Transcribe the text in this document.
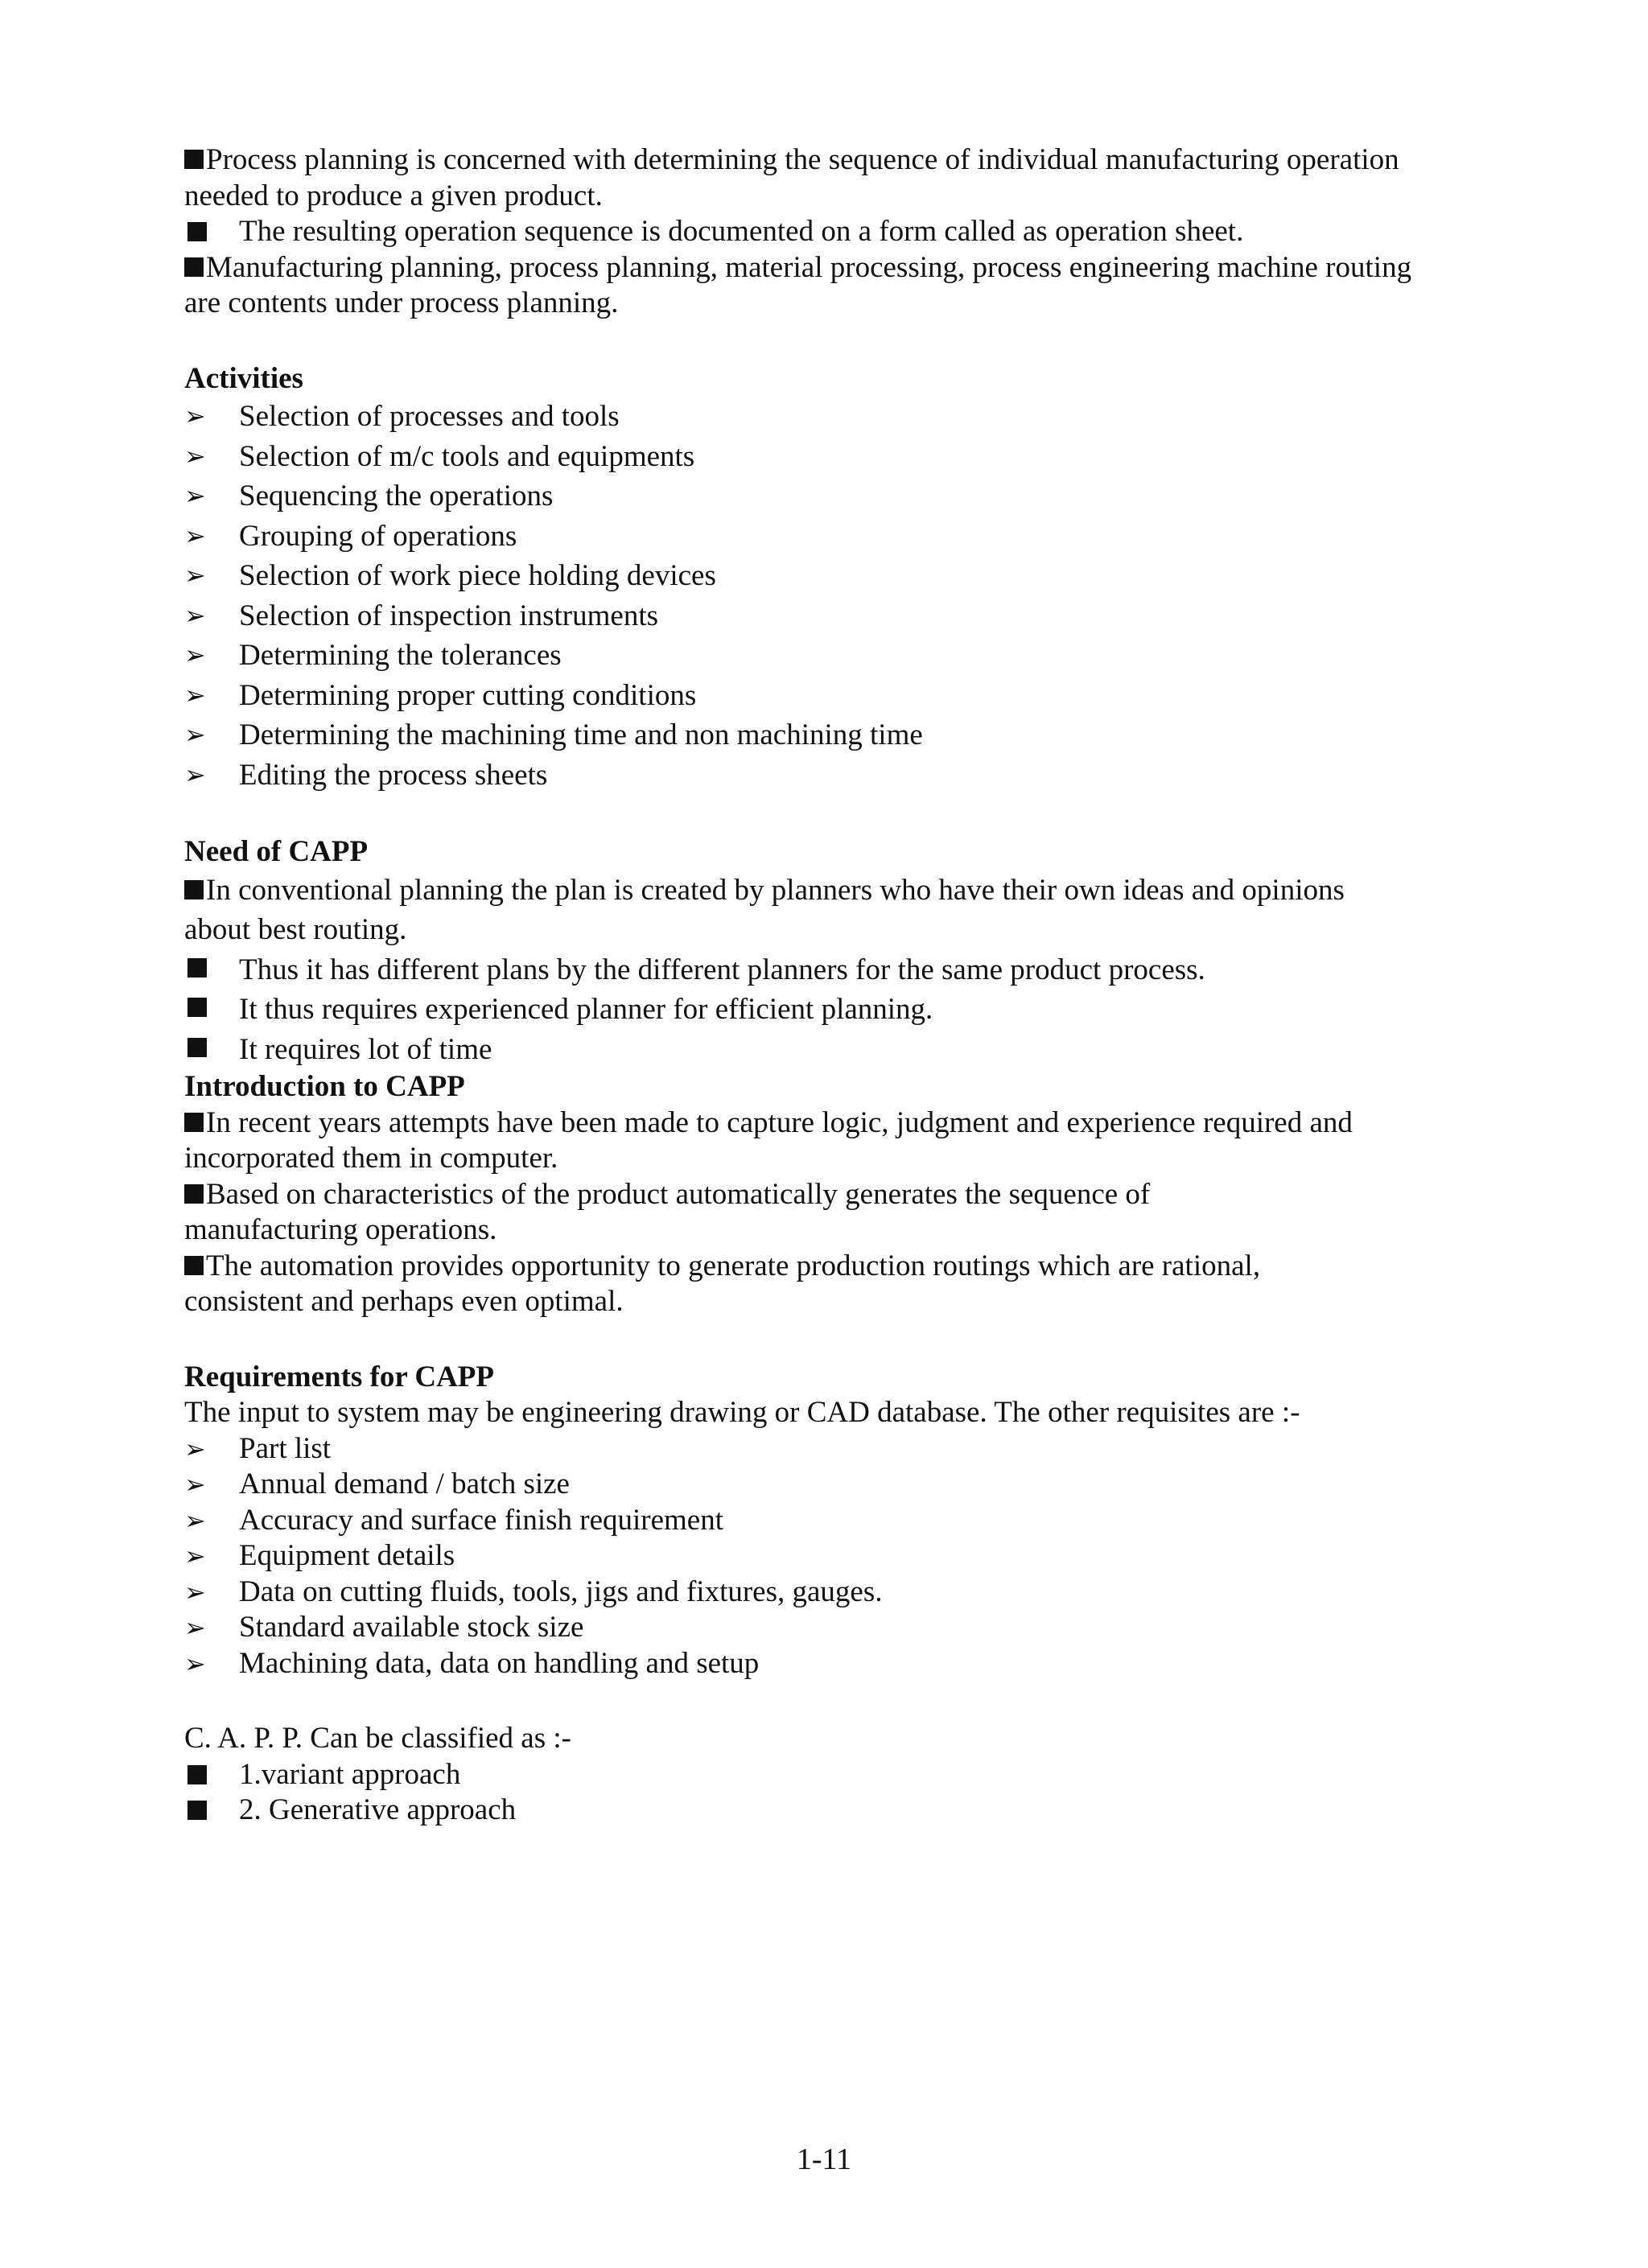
Process planning is concerned with determining the sequence of individual manufacturing operation needed to produce a given product.

The resulting operation sequence is documented on a form called as operation sheet.

Manufacturing planning, process planning, material processing, process engineering machine routing are contents under process planning.

Activities

➢ Selection of processes and tools

➢ Selection of m/c tools and equipments

➢ Sequencing the operations

➢ Grouping of operations

➢ Selection of work piece holding devices

➢ Selection of inspection instruments

➢ Determining the tolerances

➢ Determining proper cutting conditions

➢ Determining the machining time and non machining time

➢ Editing the process sheets

Need of CAPP

In conventional planning the plan is created by planners who have their own ideas and opinions about best routing.

Thus it has different plans by the different planners for the same product process.

It thus requires experienced planner for efficient planning.

It requires lot of time

Introduction to CAPP

In recent years attempts have been made to capture logic, judgment and experience required and incorporated them in computer.

Based on characteristics of the product automatically generates the sequence of manufacturing operations.

The automation provides opportunity to generate production routings which are rational, consistent and perhaps even optimal.

Requirements for CAPP

The input to system may be engineering drawing or CAD database. The other requisites are :-

➢ Part list

➢ Annual demand / batch size

➢ Accuracy and surface finish requirement

➢ Equipment details

➢ Data on cutting fluids, tools, jigs and fixtures, gauges.

➢ Standard available stock size

➢ Machining data, data on handling and setup

C. A. P. P. Can be classified as :-

1.variant approach

2. Generative approach

1-11
